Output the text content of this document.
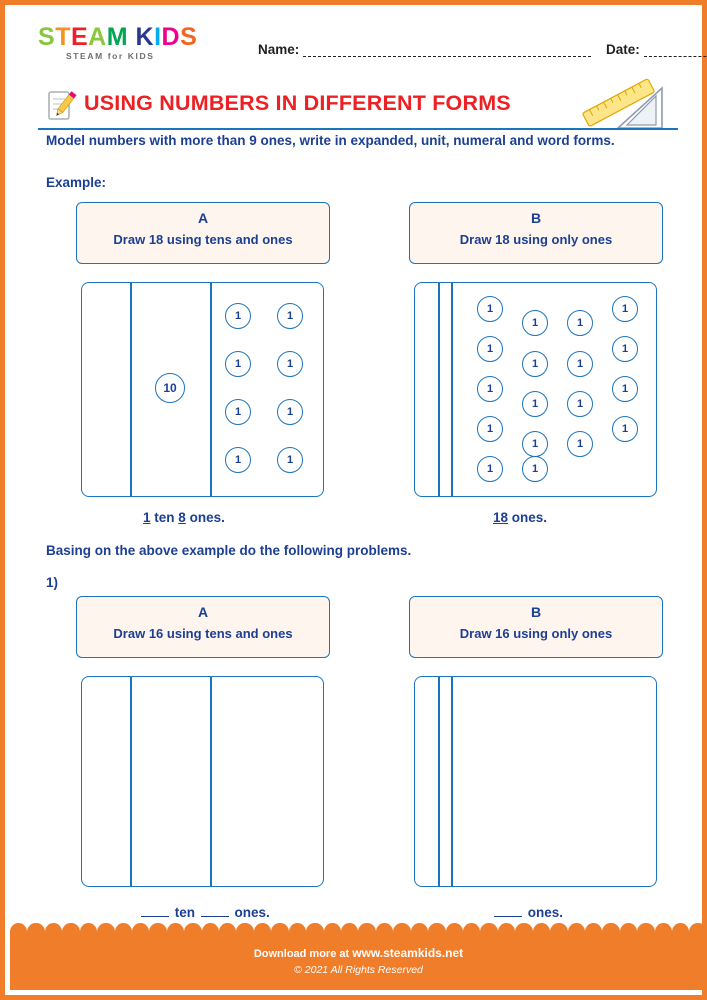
STEAM KIDS
STEAM for KIDS	Name:	Date:
USING NUMBERS IN DIFFERENT FORMS
Model numbers with more than 9 ones, write in expanded, unit, numeral and word forms.
Example:
A
Draw 18 using tens and ones
B
Draw 18 using only ones
10
1	1
1	1
1	1
1	1
1
1	1
1
1
1	1
1
1
1	1
1
1
1	1
1
1	1
1 ten 8 ones.	18 ones.
Basing on the above example do the following problems.
1)
A
Draw 16 using tens and ones
B
Draw 16 using only ones
ten	ones.	ones.
Download more at www.steamkids.net
© 2021 All Rights Reserved
